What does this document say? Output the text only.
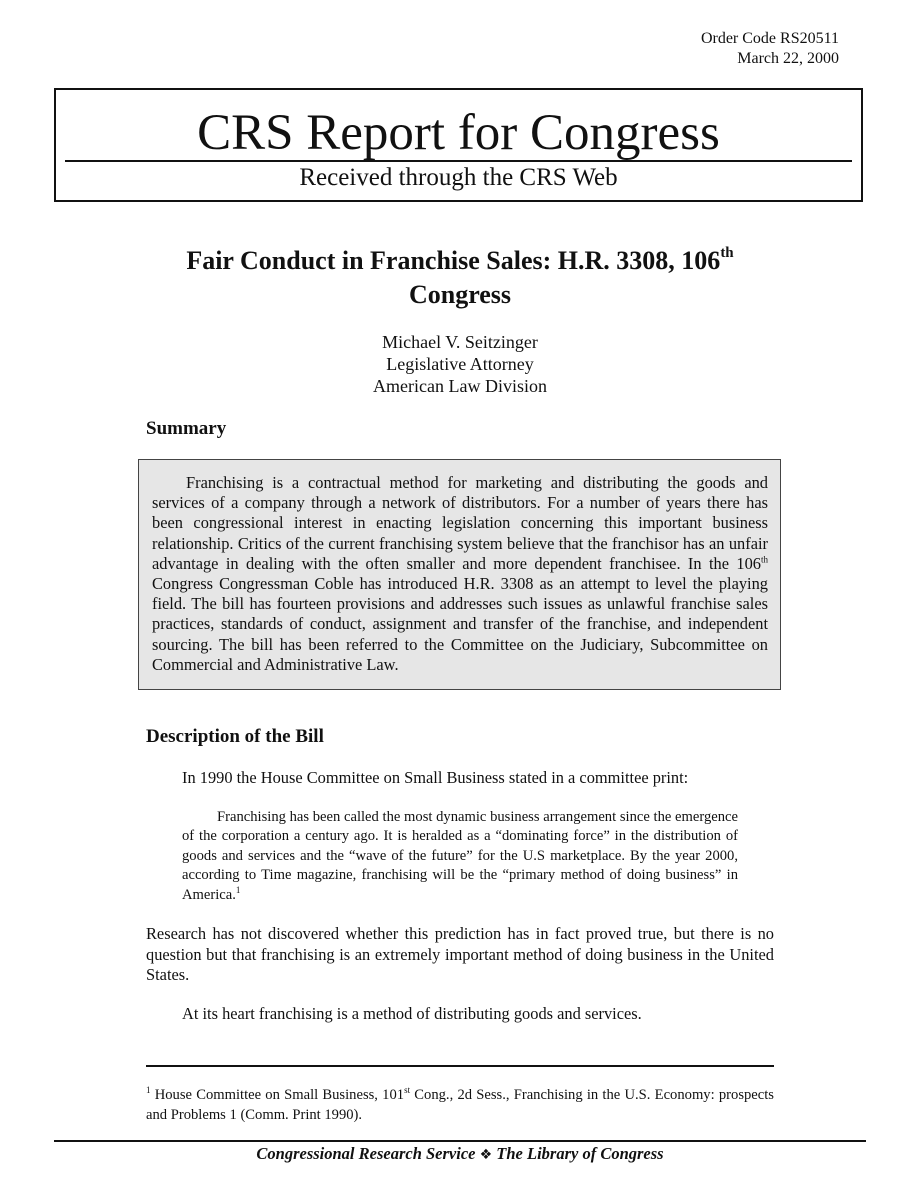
Order Code RS20511
March 22, 2000
CRS Report for Congress
Received through the CRS Web
Fair Conduct in Franchise Sales: H.R. 3308, 106th
Congress
Michael V. Seitzinger
Legislative Attorney
American Law Division
Summary
Franchising is a contractual method for marketing and distributing the goods and services of a company through a network of distributors. For a number of years there has been congressional interest in enacting legislation concerning this important business relationship. Critics of the current franchising system believe that the franchisor has an unfair advantage in dealing with the often smaller and more dependent franchisee. In the 106th Congress Congressman Coble has introduced H.R. 3308 as an attempt to level the playing field. The bill has fourteen provisions and addresses such issues as unlawful franchise sales practices, standards of conduct, assignment and transfer of the franchise, and independent sourcing. The bill has been referred to the Committee on the Judiciary, Subcommittee on Commercial and Administrative Law.
Description of the Bill
In 1990 the House Committee on Small Business stated in a committee print:
Franchising has been called the most dynamic business arrangement since the emergence of the corporation a century ago. It is heralded as a “dominating force” in the distribution of goods and services and the “wave of the future” for the U.S marketplace. By the year 2000, according to Time magazine, franchising will be the “primary method of doing business” in America.$^1$
Research has not discovered whether this prediction has in fact proved true, but there is no question but that franchising is an extremely important method of doing business in the United States.
At its heart franchising is a method of distributing goods and services.
$^1$ House Committee on Small Business, 101st Cong., 2d Sess., Franchising in the U.S. Economy: prospects and Problems 1 (Comm. Print 1990).
Congressional Research Service ❖ The Library of Congress
